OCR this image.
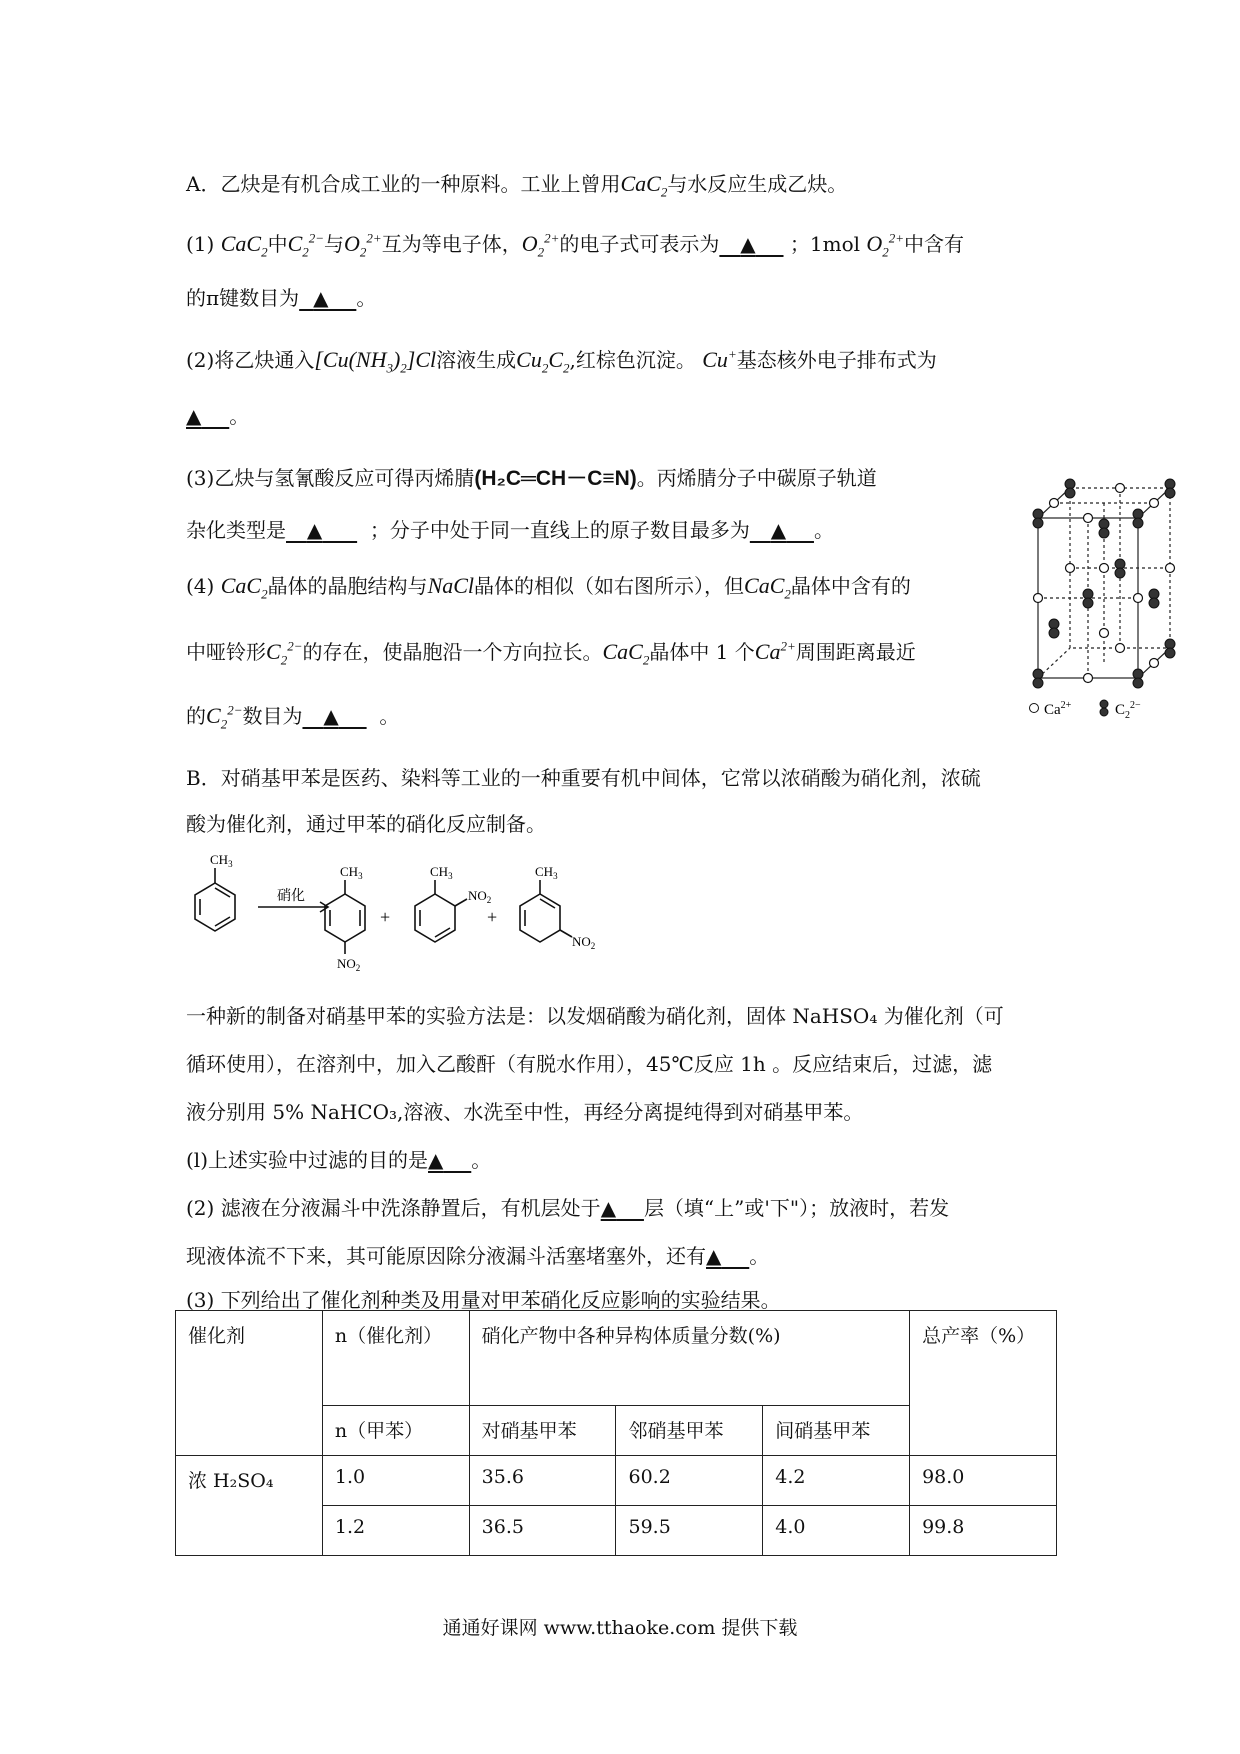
A．乙炔是有机合成工业的一种原料。工业上曾用CaC$_2$与水反应生成乙炔。
(1) CaC$_2$中$C_2^{2-}$与$O_2^{2+}$互为等电子体，$O_2^{2+}$的电子式可表示为 ▲ ；1mol $O_2^{2+}$中含有
的π键数目为 ▲ 。
(2)将乙炔通入$[Cu(NH_3)_2]Cl$溶液生成$Cu_2C_2$,红棕色沉淀。 Cu+基态核外电子排布式为
▲ 。
(3)乙炔与氢氰酸反应可得丙烯腈(H₂C═CH－C≡N)。丙烯腈分子中碳原子轨道
杂化类型是 ▲ ；分子中处于同一直线上的原子数目最多为 ▲ 。
(4) CaC$_2$晶体的晶胞结构与NaCl晶体的相似（如右图所示），但CaC$_2$晶体中含有的
中哑铃形$C_2^{2-}$的存在，使晶胞沿一个方向拉长。CaC$_2$晶体中 1 个$Ca^{2+}$周围距离最近
的$C_2^{2-}$数目为 ▲ 。	$Ca^{2+}$	$C_2^{2-}$
B．对硝基甲苯是医药、染料等工业的一种重要有机中间体，它常以浓硝酸为硝化剂，浓硫
酸为催化剂，通过甲苯的硝化反应制备。
$CH_3$
硝化
$CH_3$
$NO_2$
+
$CH_3$
$NO_2$
+
$CH_3$
$NO_2$
一种新的制备对硝基甲苯的实验方法是：以发烟硝酸为硝化剂，固体 NaHSO₄ 为催化剂（可
循环使用），在溶剂中，加入乙酸酐（有脱水作用），45℃反应 1h 。反应结束后，过滤，滤
液分别用 5% NaHCO₃,溶液、水洗至中性，再经分离提纯得到对硝基甲苯。
(l)上述实验中过滤的目的是▲ 。
(2) 滤液在分液漏斗中洗涤静置后，有机层处于▲ 层（填“上”或'下"）；放液时，若发
现液体流不下来，其可能原因除分液漏斗活塞堵塞外，还有▲ 。
(3) 下列给出了催化剂种类及用量对甲苯硝化反应影响的实验结果。
催化剂	n（催化剂）	硝化产物中各种异构体质量分数(%)			总产率（%）
	n（甲苯）	对硝基甲苯	邻硝基甲苯	间硝基甲苯	
浓 H₂SO₄	1.0	35.6	60.2	4.2	98.0
	1.2	36.5	59.5	4.0	99.8
通通好课网 www.tthaoke.com 提供下载
